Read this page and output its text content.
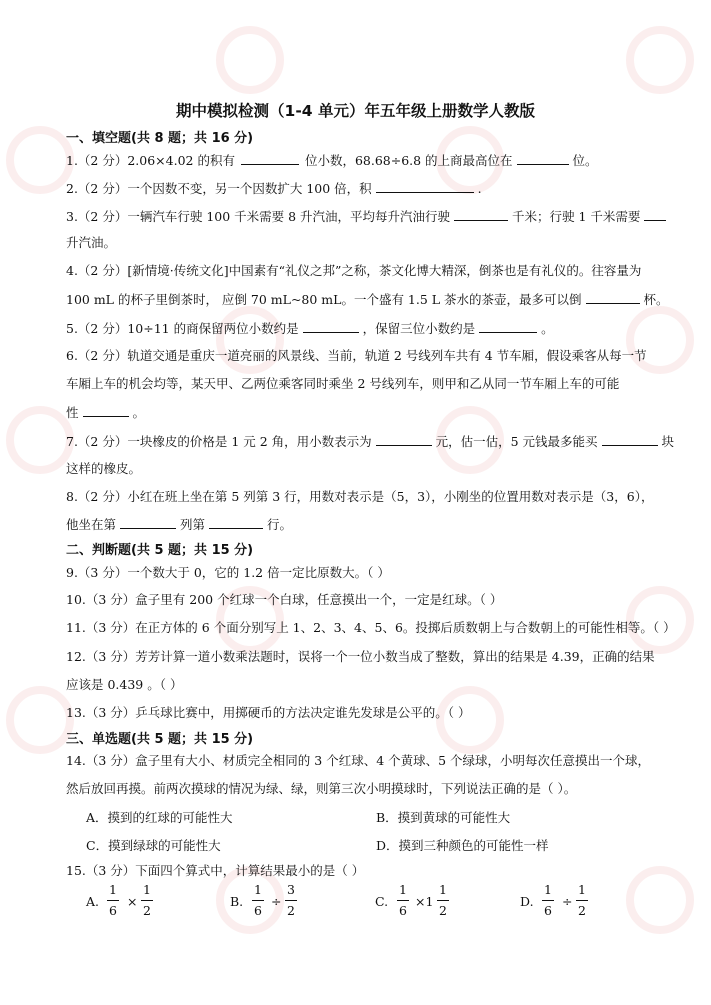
期中模拟检测（1-4 单元）年五年级上册数学人教版
一、填空题(共 8 题；共 16 分)
1.（2 分）2.06×4.02 的积有	位小数，68.68÷6.8 的上商最高位在	位。
2.（2 分）一个因数不变，另一个因数扩大 100 倍，积	.
3.（2 分）一辆汽车行驶 100 千米需要 8 升汽油，平均每升汽油行驶	千米；行驶 1 千米需要
升汽油。
4.（2 分）[新情境·传统文化]中国素有“礼仪之邦”之称，茶文化博大精深，倒茶也是有礼仪的。往容量为
100 mL 的杯子里倒茶时， 应倒 70 mL~80 mL。一个盛有 1.5 L 茶水的茶壶，最多可以倒	杯。
5.（2 分）10÷11 的商保留两位小数约是	，保留三位小数约是	。
6.（2 分）轨道交通是重庆一道亮丽的风景线、当前，轨道 2 号线列车共有 4 节车厢，假设乘客从每一节
车厢上车的机会均等，某天甲、乙两位乘客同时乘坐 2 号线列车，则甲和乙从同一节车厢上车的可能
性	。
7.（2 分）一块橡皮的价格是 1 元 2 角，用小数表示为	元，估一估，5 元钱最多能买	块
这样的橡皮。
8.（2 分）小红在班上坐在第 5 列第 3 行，用数对表示是（5，3），小刚坐的位置用数对表示是（3，6），
他坐在第	列第	行。
二、判断题(共 5 题；共 15 分)
9.（3 分）一个数大于 0，它的 1.2 倍一定比原数大。（ ）
10.（3 分）盒子里有 200 个红球一个白球，任意摸出一个，一定是红球。（ ）
11.（3 分）在正方体的 6 个面分别写上 1、2、3、4、5、6。投掷后质数朝上与合数朝上的可能性相等。（ ）
12.（3 分）芳芳计算一道小数乘法题时，误将一个一位小数当成了整数，算出的结果是 4.39，正确的结果
应该是 0.439 。（ ）
13.（3 分）乒乓球比赛中，用掷硬币的方法决定谁先发球是公平的。（ ）
三、单选题(共 5 题；共 15 分)
14.（3 分）盒子里有大小、材质完全相同的 3 个红球、4 个黄球、5 个绿球，小明每次任意摸出一个球，
然后放回再摸。前两次摸球的情况为绿、绿，则第三次小明摸球时，下列说法正确的是（ ）。
A．摸到的红球的可能性大	B．摸到黄球的可能性大
C．摸到绿球的可能性大	D．摸到三种颜色的可能性一样
15.（3 分）下面四个算式中，计算结果最小的是（ ）
A.
1
6
×
1
2
B.
1
6
÷
3
2
C.
1
6
×1
1
2
D.
1
6
÷
1
2
